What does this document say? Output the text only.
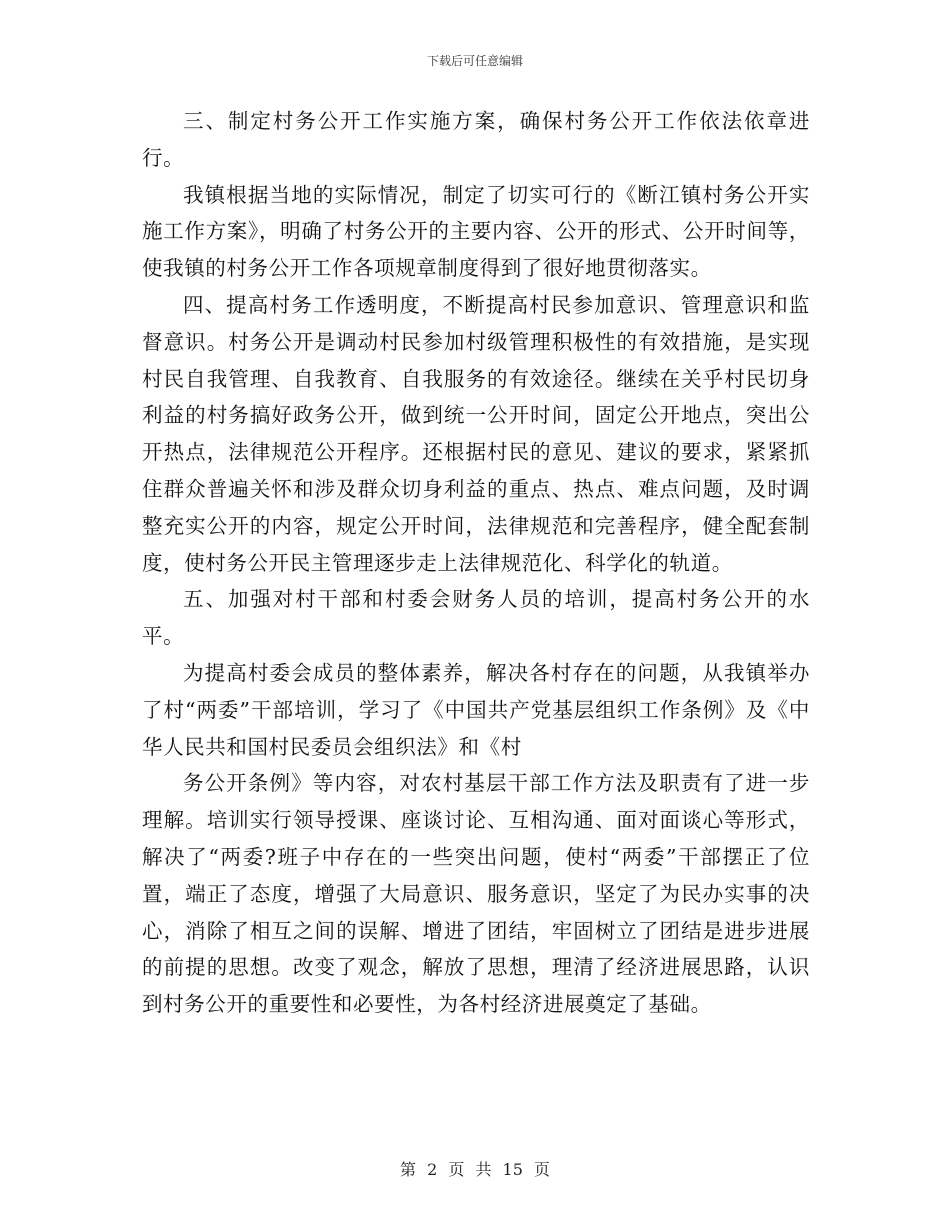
下载后可任意编辑

三、制定村务公开工作实施方案，确保村务公开工作依法依章进行。

我镇根据当地的实际情况，制定了切实可行的《断江镇村务公开实施工作方案》，明确了村务公开的主要内容、公开的形式、公开时间等，使我镇的村务公开工作各项规章制度得到了很好地贯彻落实。

四、提高村务工作透明度，不断提高村民参加意识、管理意识和监督意识。村务公开是调动村民参加村级管理积极性的有效措施，是实现村民自我管理、自我教育、自我服务的有效途径。继续在关乎村民切身利益的村务搞好政务公开，做到统一公开时间，固定公开地点，突出公开热点，法律规范公开程序。还根据村民的意见、建议的要求，紧紧抓住群众普遍关怀和涉及群众切身利益的重点、热点、难点问题，及时调整充实公开的内容，规定公开时间，法律规范和完善程序，健全配套制度，使村务公开民主管理逐步走上法律规范化、科学化的轨道。

五、加强对村干部和村委会财务人员的培训，提高村务公开的水平。

为提高村委会成员的整体素养，解决各村存在的问题，从我镇举办了村“两委”干部培训，学习了《中国共产党基层组织工作条例》及《中华人民共和国村民委员会组织法》和《村

务公开条例》等内容，对农村基层干部工作方法及职责有了进一步理解。培训实行领导授课、座谈讨论、互相沟通、面对面谈心等形式，解决了“两委?班子中存在的一些突出问题，使村“两委”干部摆正了位置，端正了态度，增强了大局意识、服务意识，坚定了为民办实事的决心，消除了相互之间的误解、增进了团结，牢固树立了团结是进步进展的前提的思想。改变了观念，解放了思想，理清了经济进展思路，认识到村务公开的重要性和必要性，为各村经济进展奠定了基础。

第 2 页 共 15 页
